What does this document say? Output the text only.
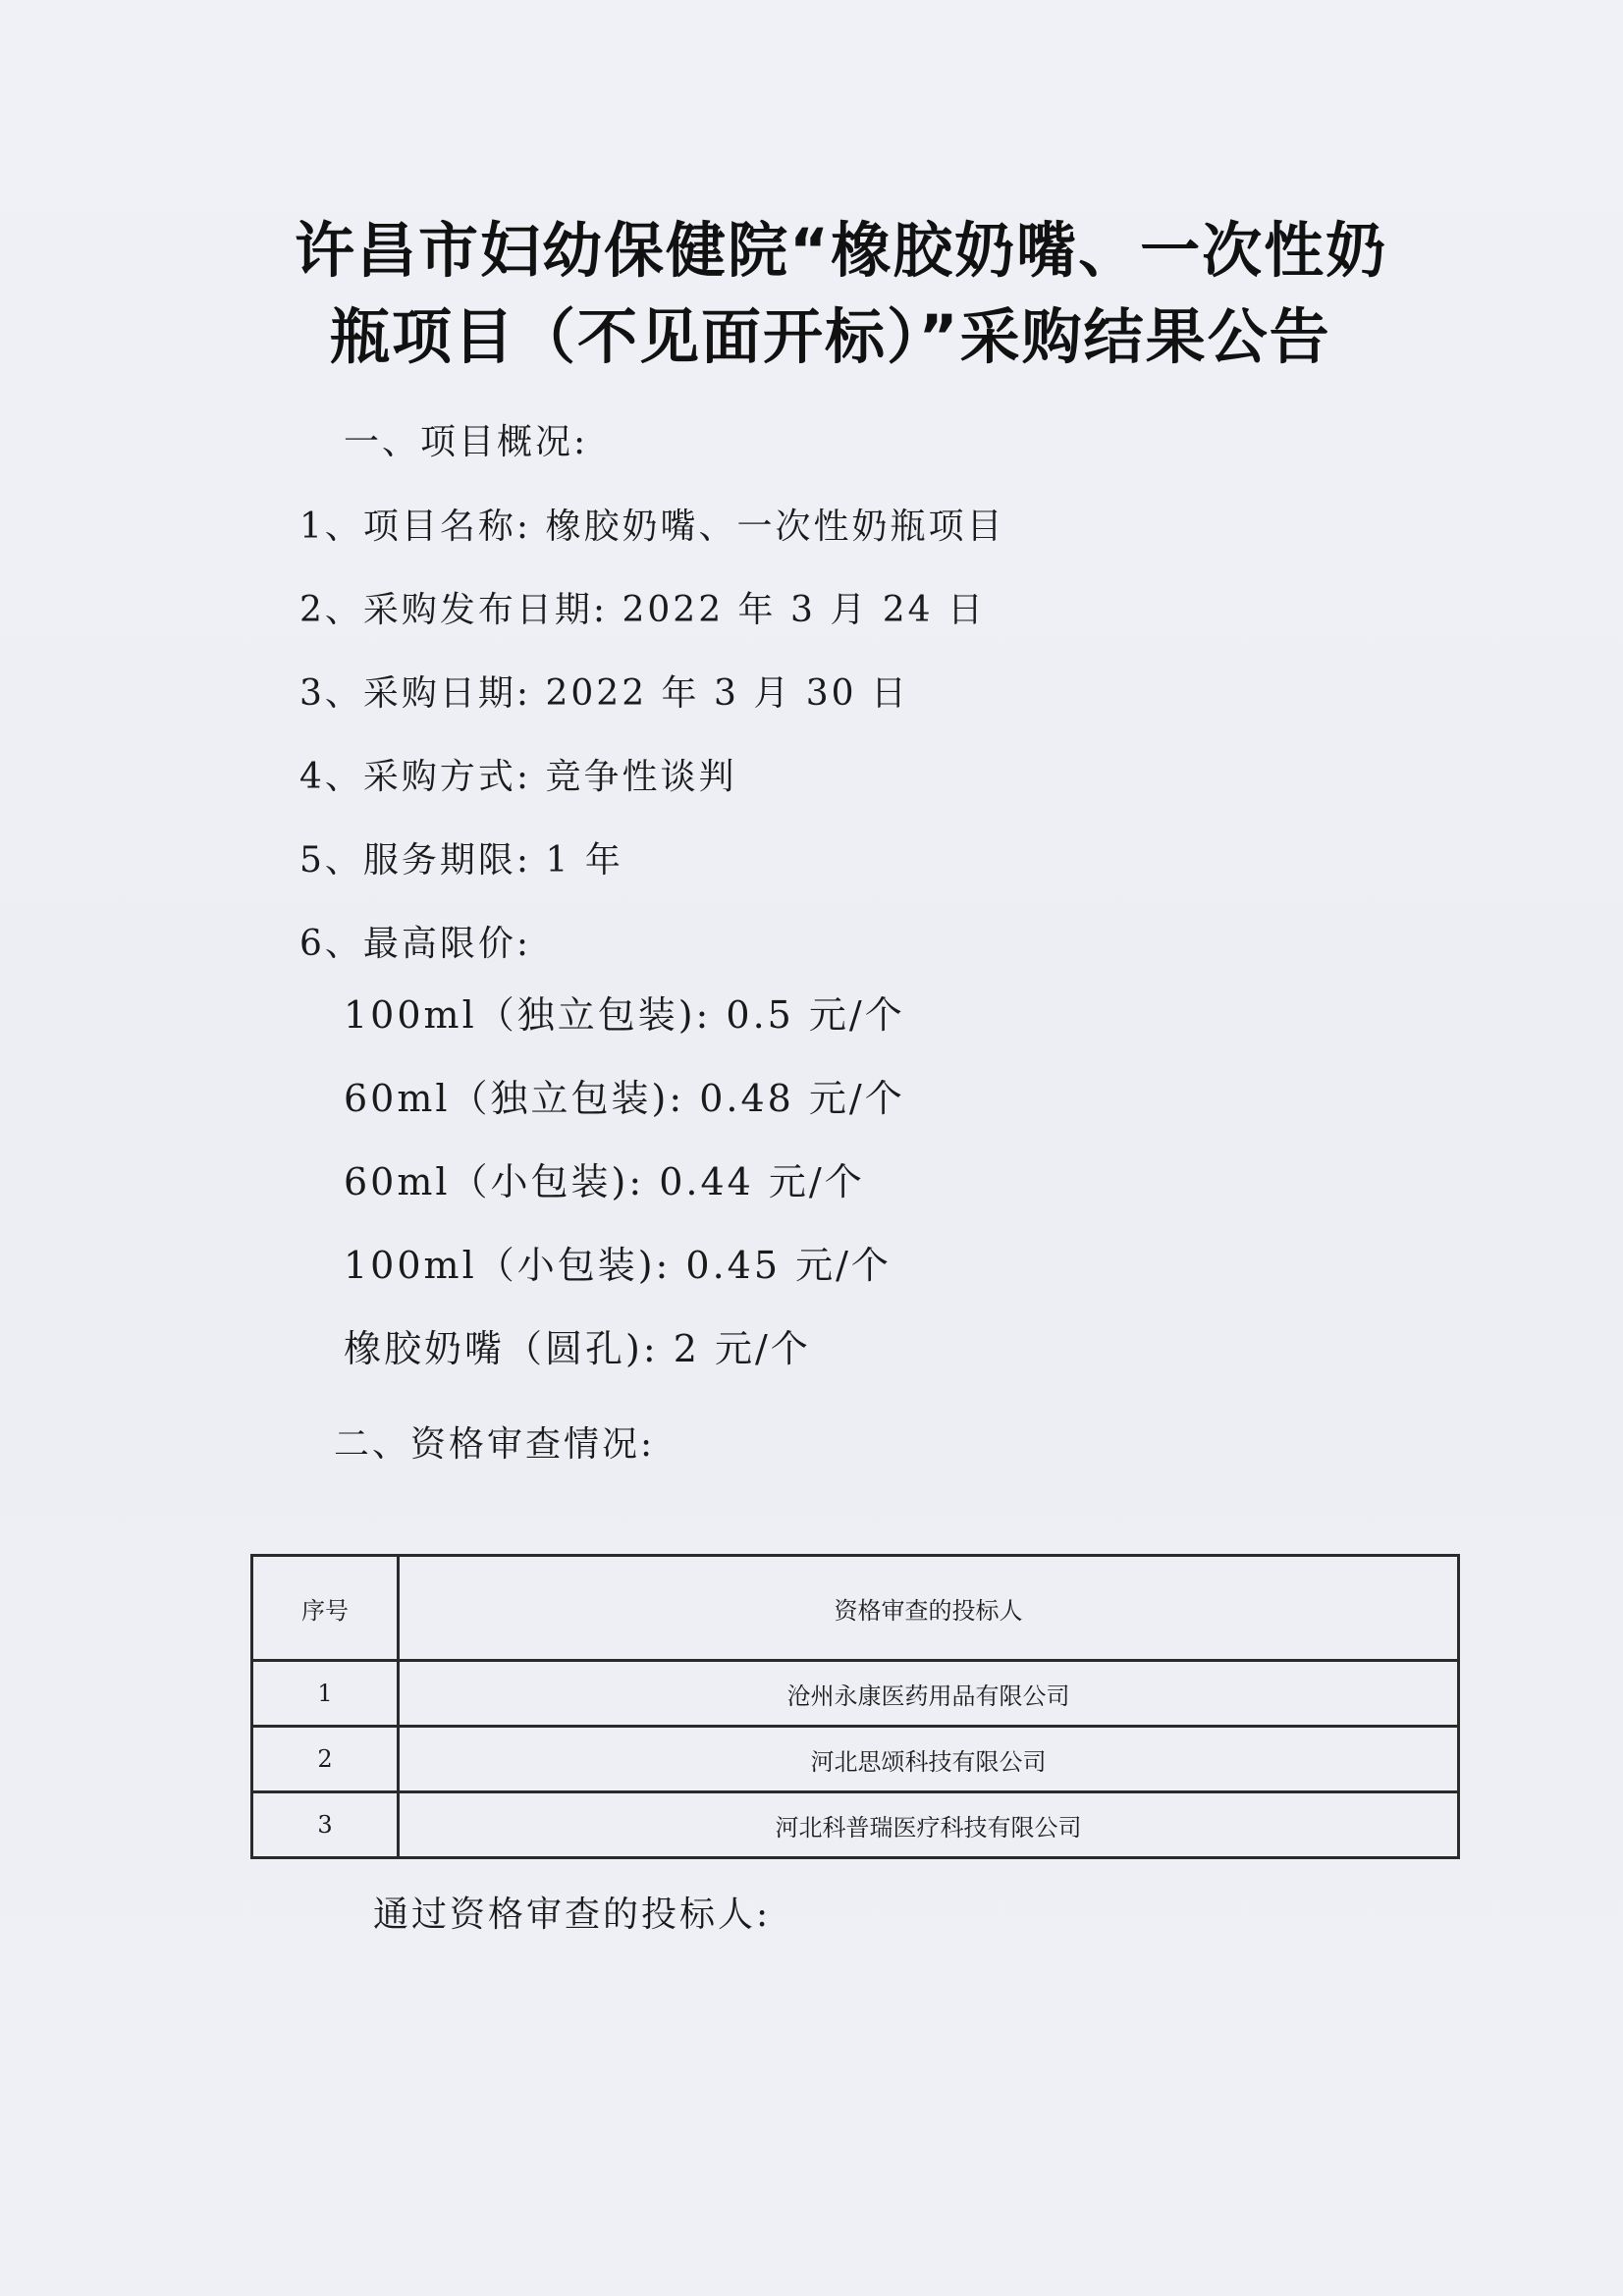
许昌市妇幼保健院“橡胶奶嘴、一次性奶
瓶项目（不见面开标）”采购结果公告
一、项目概况:
1、项目名称: 橡胶奶嘴、一次性奶瓶项目
2、采购发布日期: 2022 年 3 月 24 日
3、采购日期: 2022 年 3 月 30 日
4、采购方式: 竞争性谈判
5、服务期限: 1 年
6、最高限价:
100ml（独立包装): 0.5 元/个
60ml（独立包装): 0.48 元/个
60ml（小包装): 0.44 元/个
100ml（小包装): 0.45 元/个
橡胶奶嘴（圆孔): 2 元/个
二、资格审查情况:
序号	资格审查的投标人
1	沧州永康医药用品有限公司
2	河北思颂科技有限公司
3	河北科普瑞医疗科技有限公司
通过资格审查的投标人:
